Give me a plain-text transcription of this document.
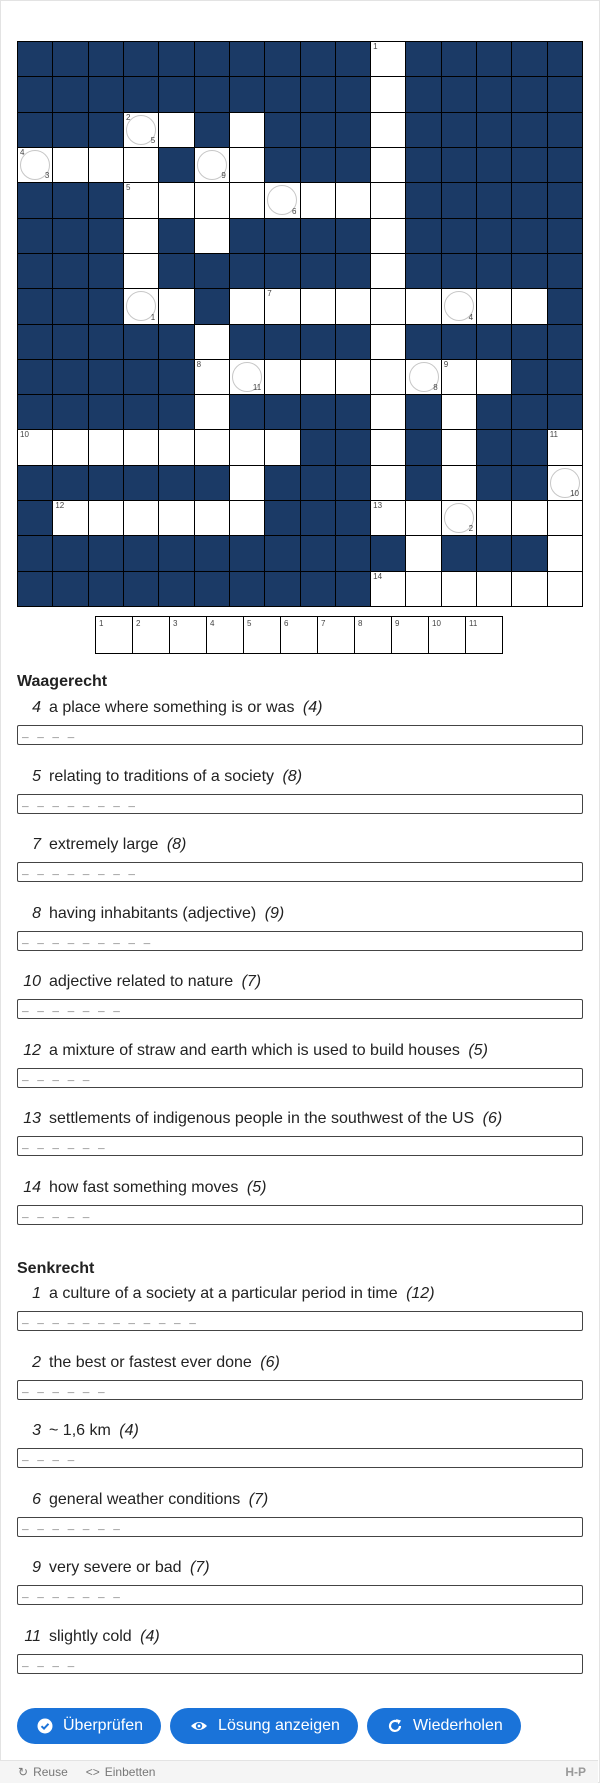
1
5
2
3
4
9
5
6
1
7
4
8
11	8
9
10	11
10
12	13
2
14
1	2	3	4	5	6	7	8	9	10	11
Waagerecht
4 a place where something is or was (4)
_ _ _ _
5 relating to traditions of a society (8)
_ _ _ _ _ _ _ _
7 extremely large (8)
_ _ _ _ _ _ _ _
8 having inhabitants (adjective) (9)
_ _ _ _ _ _ _ _ _
10 adjective related to nature (7)
_ _ _ _ _ _ _
12 a mixture of straw and earth which is used to build houses (5)
_ _ _ _ _
13 settlements of indigenous people in the southwest of the US (6)
_ _ _ _ _ _
14 how fast something moves (5)
_ _ _ _ _
Senkrecht
1 a culture of a society at a particular period in time (12)
_ _ _ _ _ _ _ _ _ _ _ _
2 the best or fastest ever done (6)
_ _ _ _ _ _
3 ~ 1,6 km (4)
_ _ _ _
6 general weather conditions (7)
_ _ _ _ _ _ _
9 very severe or bad (7)
_ _ _ _ _ _ _
11 slightly cold (4)
_ _ _ _
Überprüfen	Lösung anzeigen	Wiederholen
↻ Reuse <> Einbetten	H-P
